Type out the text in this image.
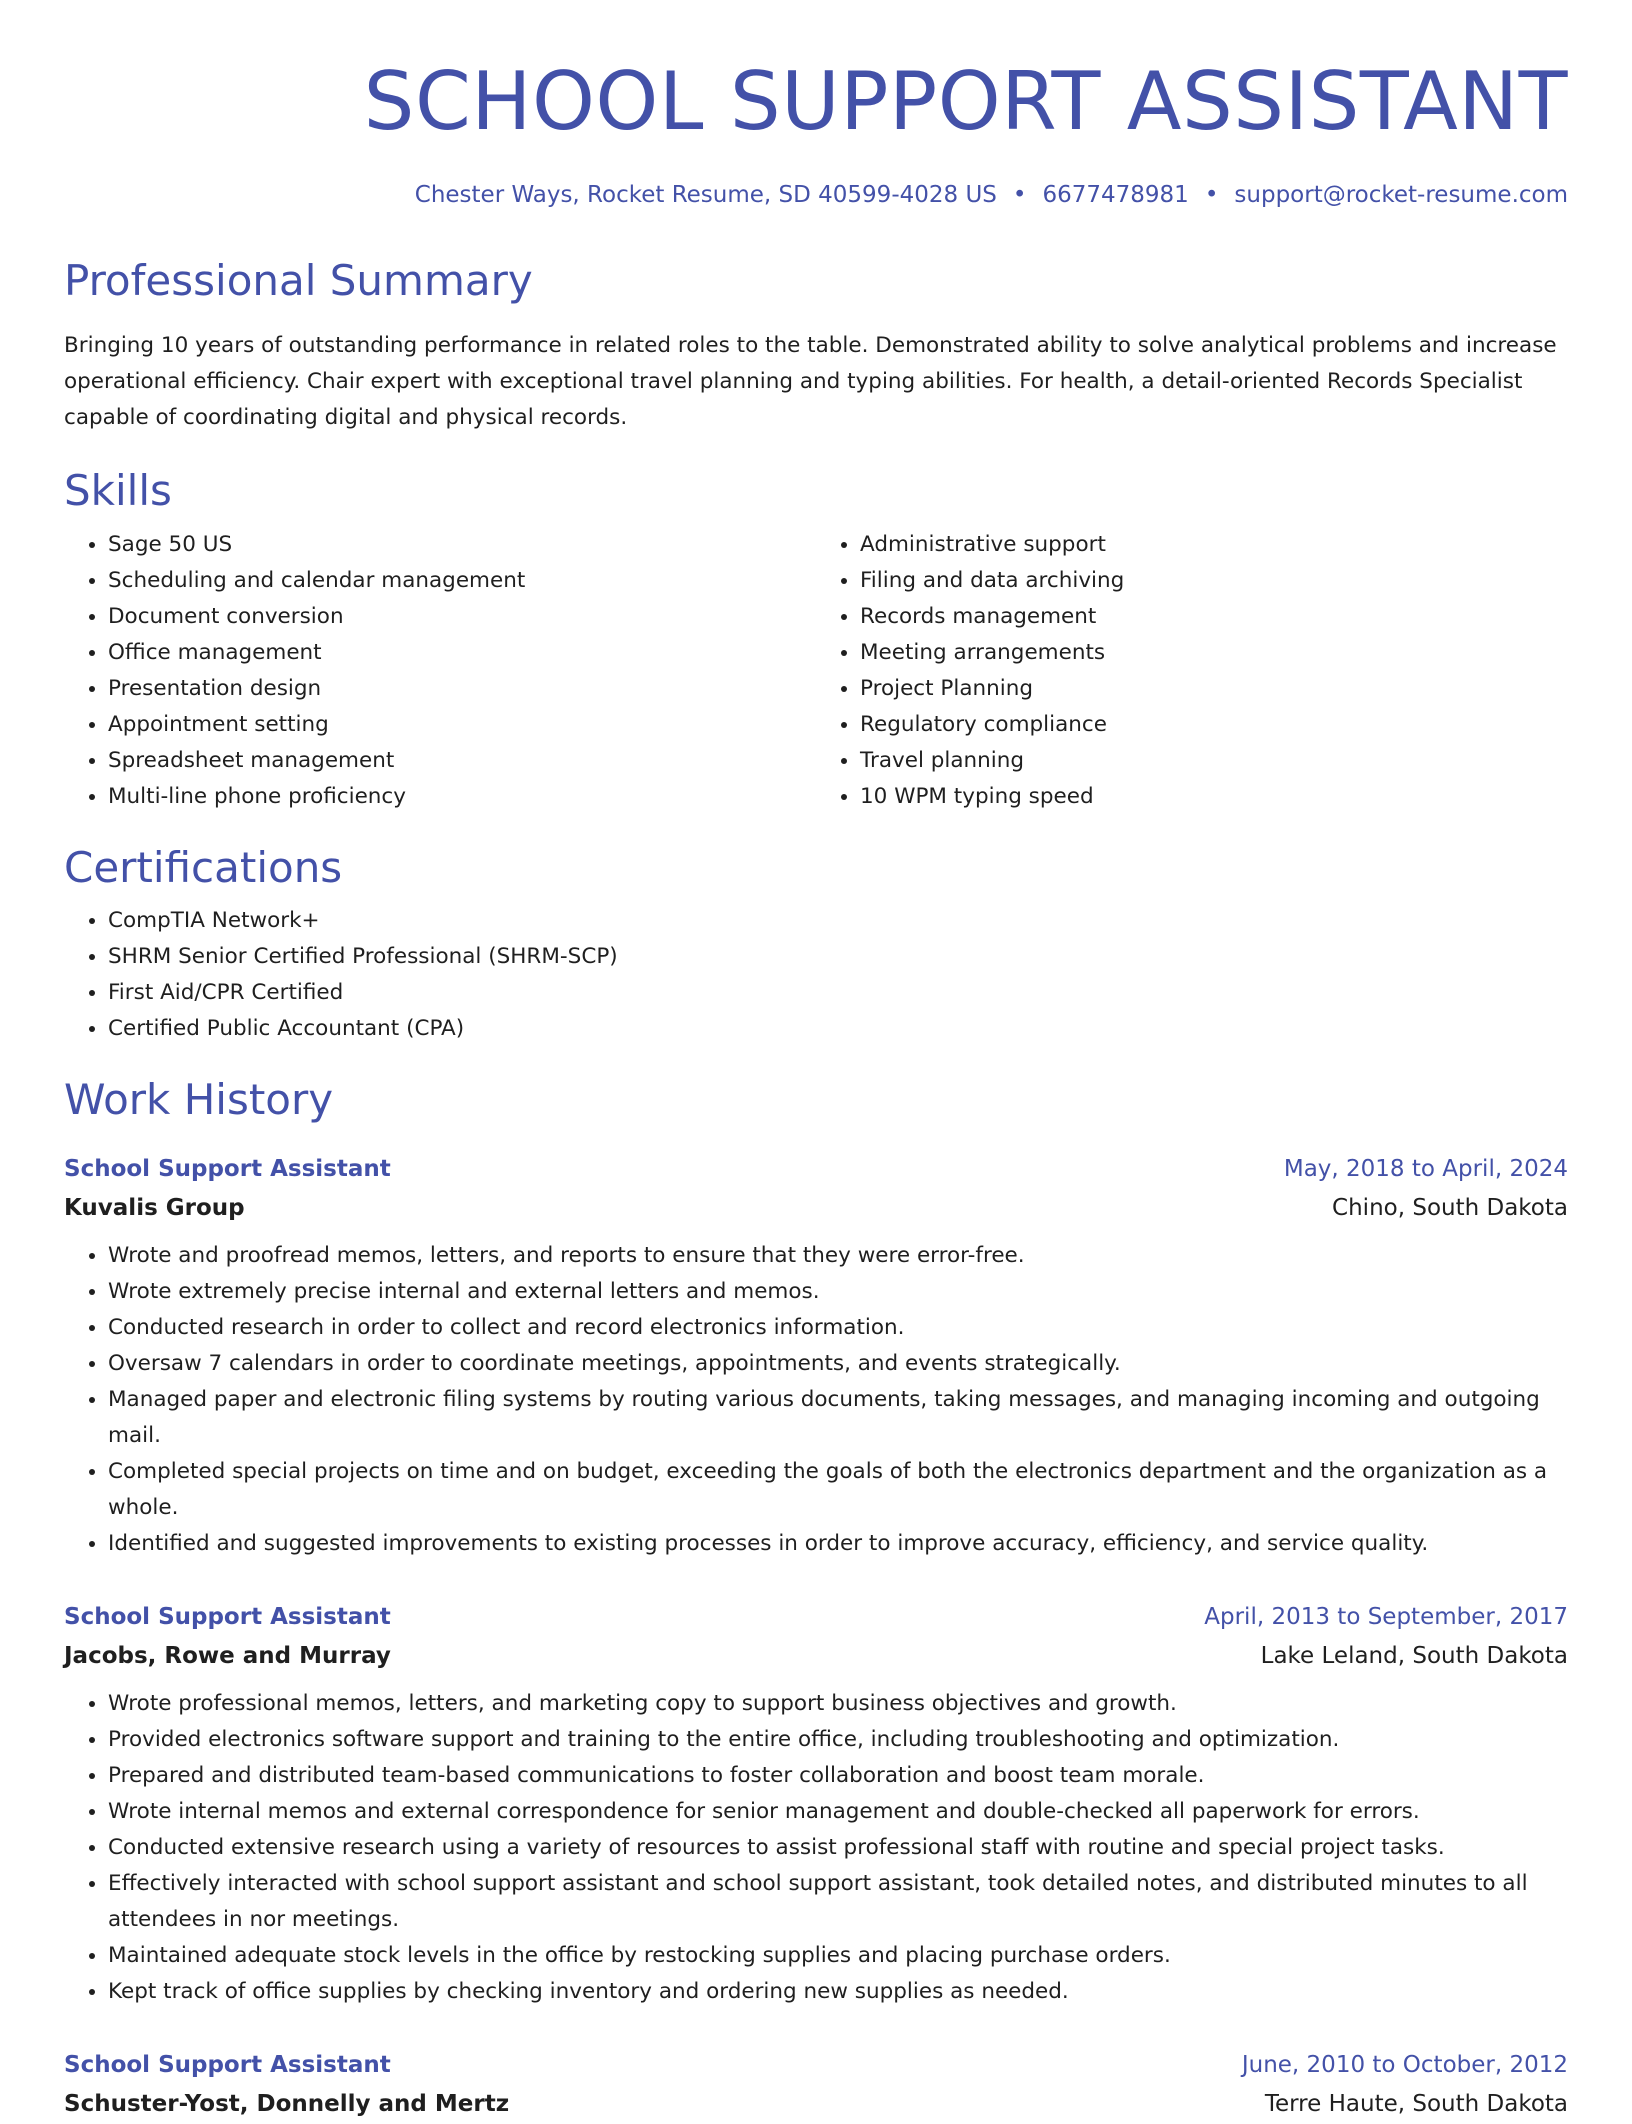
SCHOOL SUPPORT ASSISTANT
Chester Ways, Rocket Resume, SD 40599-4028 US • 6677478981 • support@rocket-resume.com
Professional Summary

Bringing 10 years of outstanding performance in related roles to the table. Demonstrated ability to solve analytical problems and increase operational efficiency. Chair expert with exceptional travel planning and typing abilities. For health, a detail-oriented Records Specialist capable of coordinating digital and physical records.

Skills
• Sage 50 US
• Scheduling and calendar management
• Document conversion
• Office management
• Presentation design
• Appointment setting
• Spreadsheet management
• Multi-line phone proficiency
• Administrative support
• Filing and data archiving
• Records management
• Meeting arrangements
• Project Planning
• Regulatory compliance
• Travel planning
• 10 WPM typing speed
Certifications
• CompTIA Network+
• SHRM Senior Certified Professional (SHRM-SCP)
• First Aid/CPR Certified
• Certified Public Accountant (CPA)
Work History
School Support Assistant	May, 2018 to April, 2024
Kuvalis Group	Chino, South Dakota
• Wrote and proofread memos, letters, and reports to ensure that they were error-free.
• Wrote extremely precise internal and external letters and memos.
• Conducted research in order to collect and record electronics information.
• Oversaw 7 calendars in order to coordinate meetings, appointments, and events strategically.
• Managed paper and electronic filing systems by routing various documents, taking messages, and managing incoming and outgoing mail.
• Completed special projects on time and on budget, exceeding the goals of both the electronics department and the organization as a whole.
• Identified and suggested improvements to existing processes in order to improve accuracy, efficiency, and service quality.
School Support Assistant	April, 2013 to September, 2017
Jacobs, Rowe and Murray	Lake Leland, South Dakota
• Wrote professional memos, letters, and marketing copy to support business objectives and growth.
• Provided electronics software support and training to the entire office, including troubleshooting and optimization.
• Prepared and distributed team-based communications to foster collaboration and boost team morale.
• Wrote internal memos and external correspondence for senior management and double-checked all paperwork for errors.
• Conducted extensive research using a variety of resources to assist professional staff with routine and special project tasks.
• Effectively interacted with school support assistant and school support assistant, took detailed notes, and distributed minutes to all attendees in nor meetings.
• Maintained adequate stock levels in the office by restocking supplies and placing purchase orders.
• Kept track of office supplies by checking inventory and ordering new supplies as needed.
School Support Assistant	June, 2010 to October, 2012
Schuster-Yost, Donnelly and Mertz	Terre Haute, South Dakota
